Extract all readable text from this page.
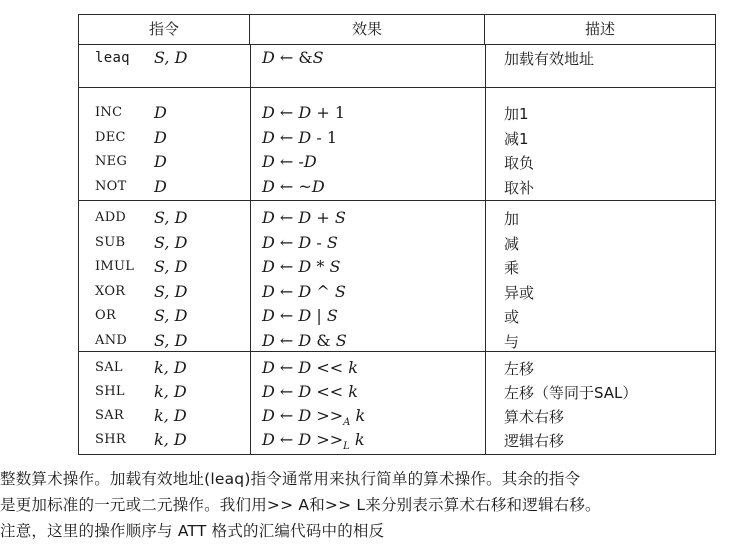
指令	效果	描述
leaq S, D	D ← &S	加载有效地址
INC D	D ← D + 1	加1
DEC D	D ← D - 1	减1
NEG D	D ← -D	取负
NOT D	D ← ~D	取补
ADD S, D	D ← D + S	加
SUB S, D	D ← D - S	减
IMUL S, D	D ← D * S	乘
XOR S, D	D ← D ^ S	异或
OR S, D	D ← D | S	或
AND S, D	D ← D & S	与
SAL k, D	D ← D << k	左移
SHL k, D	D ← D << k	左移（等同于SAL）
SAR k, D	D ← $D >>_A$ k	算术右移
SHR k, D	D ← $D >>_L$ k	逻辑右移
整数算术操作。加载有效地址(leaq)指令通常用来执行简单的算术操作。其余的指令
是更加标准的一元或二元操作。我们用>> A和>> L来分别表示算术右移和逻辑右移。
注意，这里的操作顺序与 ATT 格式的汇编代码中的相反
